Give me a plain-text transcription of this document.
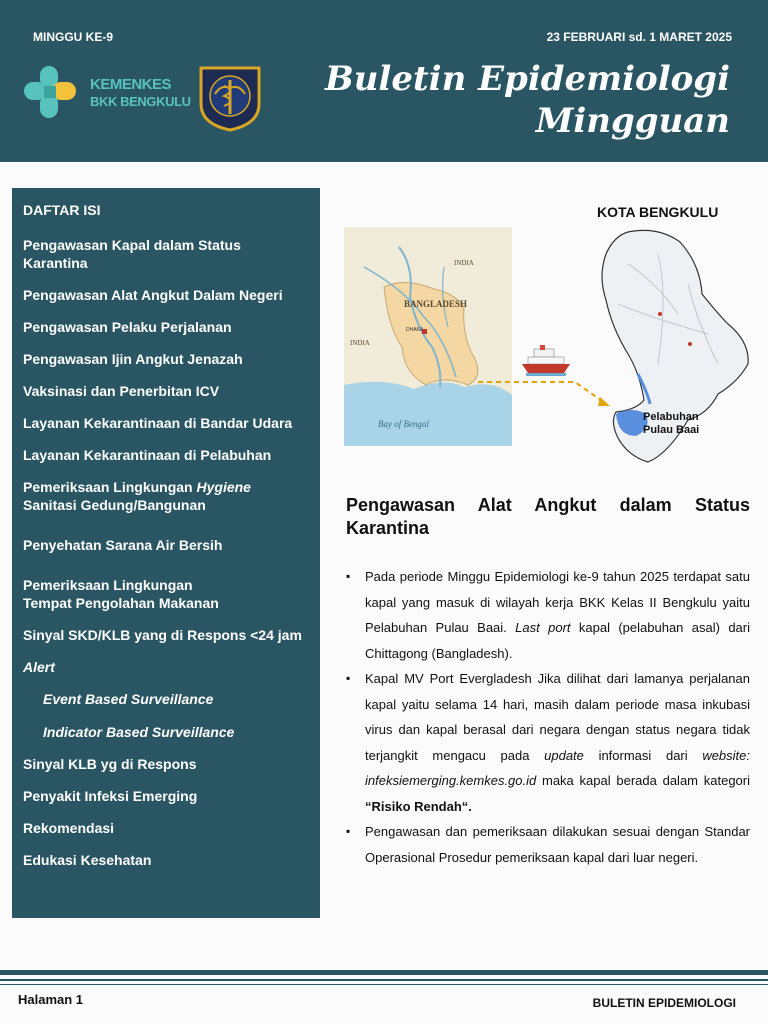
MINGGU KE-9	23 FEBRUARI sd. 1 MARET 2025
KEMENKES
BKK BENGKULU
Buletin Epidemiologi
Mingguan
DAFTAR ISI
Pengawasan Kapal dalam Status Karantina
Pengawasan Alat Angkut Dalam Negeri
Pengawasan Pelaku Perjalanan
Pengawasan Ijin Angkut Jenazah
Vaksinasi dan Penerbitan ICV
Layanan Kekarantinaan di Bandar Udara
Layanan Kekarantinaan di Pelabuhan
Pemeriksaan Lingkungan Hygiene
Sanitasi Gedung/Bangunan
Penyehatan Sarana Air Bersih
Pemeriksaan Lingkungan
Tempat Pengolahan Makanan
Sinyal SKD/KLB yang di Respons <24 jam
Alert
Event Based Surveillance
Indicator Based Surveillance
Sinyal KLB yg di Respons
Penyakit Infeksi Emerging
Rekomendasi
Edukasi Kesehatan
KOTA BENGKULU
BANGLADESH
INDIA
INDIA
DHAKA
Bay of Bengal
Pelabuhan
Pulau Baai
Pengawasan Alat Angkut dalam Status Karantina
▪ Pada periode Minggu Epidemiologi ke-9 tahun 2025 terdapat satu kapal yang masuk di wilayah kerja BKK Kelas II Bengkulu yaitu Pelabuhan Pulau Baai. Last port kapal (pelabuhan asal) dari Chittagong (Bangladesh).
▪ Kapal MV Port Evergladesh Jika dilihat dari lamanya perjalanan kapal yaitu selama 14 hari, masih dalam periode masa inkubasi virus dan kapal berasal dari negara dengan status negara tidak terjangkit mengacu pada update informasi dari website: infeksiemerging.kemkes.go.id maka kapal berada dalam kategori “Risiko Rendah“.
▪ Pengawasan dan pemeriksaan dilakukan sesuai dengan Standar Operasional Prosedur pemeriksaan kapal dari luar negeri.
Halaman 1	BULETIN EPIDEMIOLOGI
